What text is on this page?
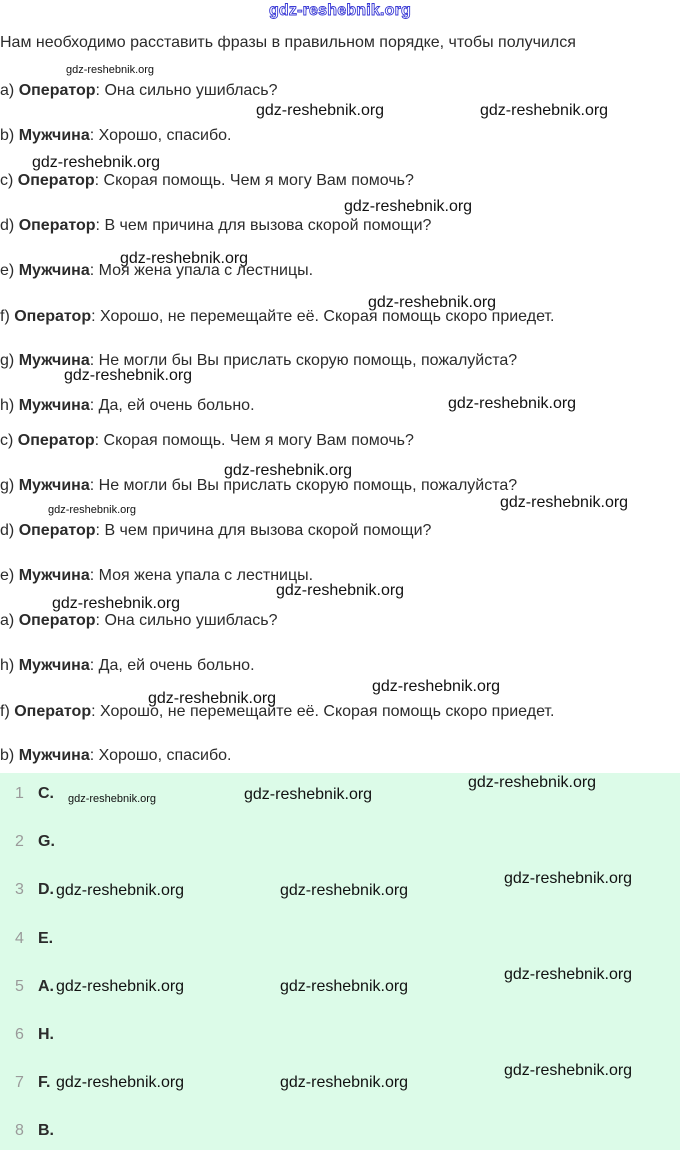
gdz-reshebnik.org
Нам необходимо расставить фразы в правильном порядке, чтобы получился
a) Оператор: Она сильно ушиблась?
b) Мужчина: Хорошо, спасибо.
c) Оператор: Скорая помощь. Чем я могу Вам помочь?
d) Оператор: В чем причина для вызова скорой помощи?
e) Мужчина: Моя жена упала с лестницы.
f) Оператор: Хорошо, не перемещайте её. Скорая помощь скоро приедет.
g) Мужчина: Не могли бы Вы прислать скорую помощь, пожалуйста?
h) Мужчина: Да, ей очень больно.
c) Оператор: Скорая помощь. Чем я могу Вам помочь?
g) Мужчина: Не могли бы Вы прислать скорую помощь, пожалуйста?
d) Оператор: В чем причина для вызова скорой помощи?
e) Мужчина: Моя жена упала с лестницы.
a) Оператор: Она сильно ушиблась?
h) Мужчина: Да, ей очень больно.
f) Оператор: Хорошо, не перемещайте её. Скорая помощь скоро приедет.
b) Мужчина: Хорошо, спасибо.
1 C.
2 G.
3 D.
4 E.
5 A.
6 H.
7 F.
8 B.
gdz-reshebnik.org
gdz-reshebnik.org	gdz-reshebnik.org
gdz-reshebnik.org
gdz-reshebnik.org
gdz-reshebnik.org
gdz-reshebnik.org
gdz-reshebnik.org
gdz-reshebnik.org
gdz-reshebnik.org
gdz-reshebnik.org	gdz-reshebnik.org
gdz-reshebnik.org
gdz-reshebnik.org
gdz-reshebnik.org
gdz-reshebnik.org
gdz-reshebnik.org	gdz-reshebnik.org
gdz-reshebnik.org
gdz-reshebnik.org	gdz-reshebnik.org
gdz-reshebnik.org
gdz-reshebnik.org	gdz-reshebnik.org
gdz-reshebnik.org
gdz-reshebnik.org	gdz-reshebnik.org
gdz-reshebnik.org
